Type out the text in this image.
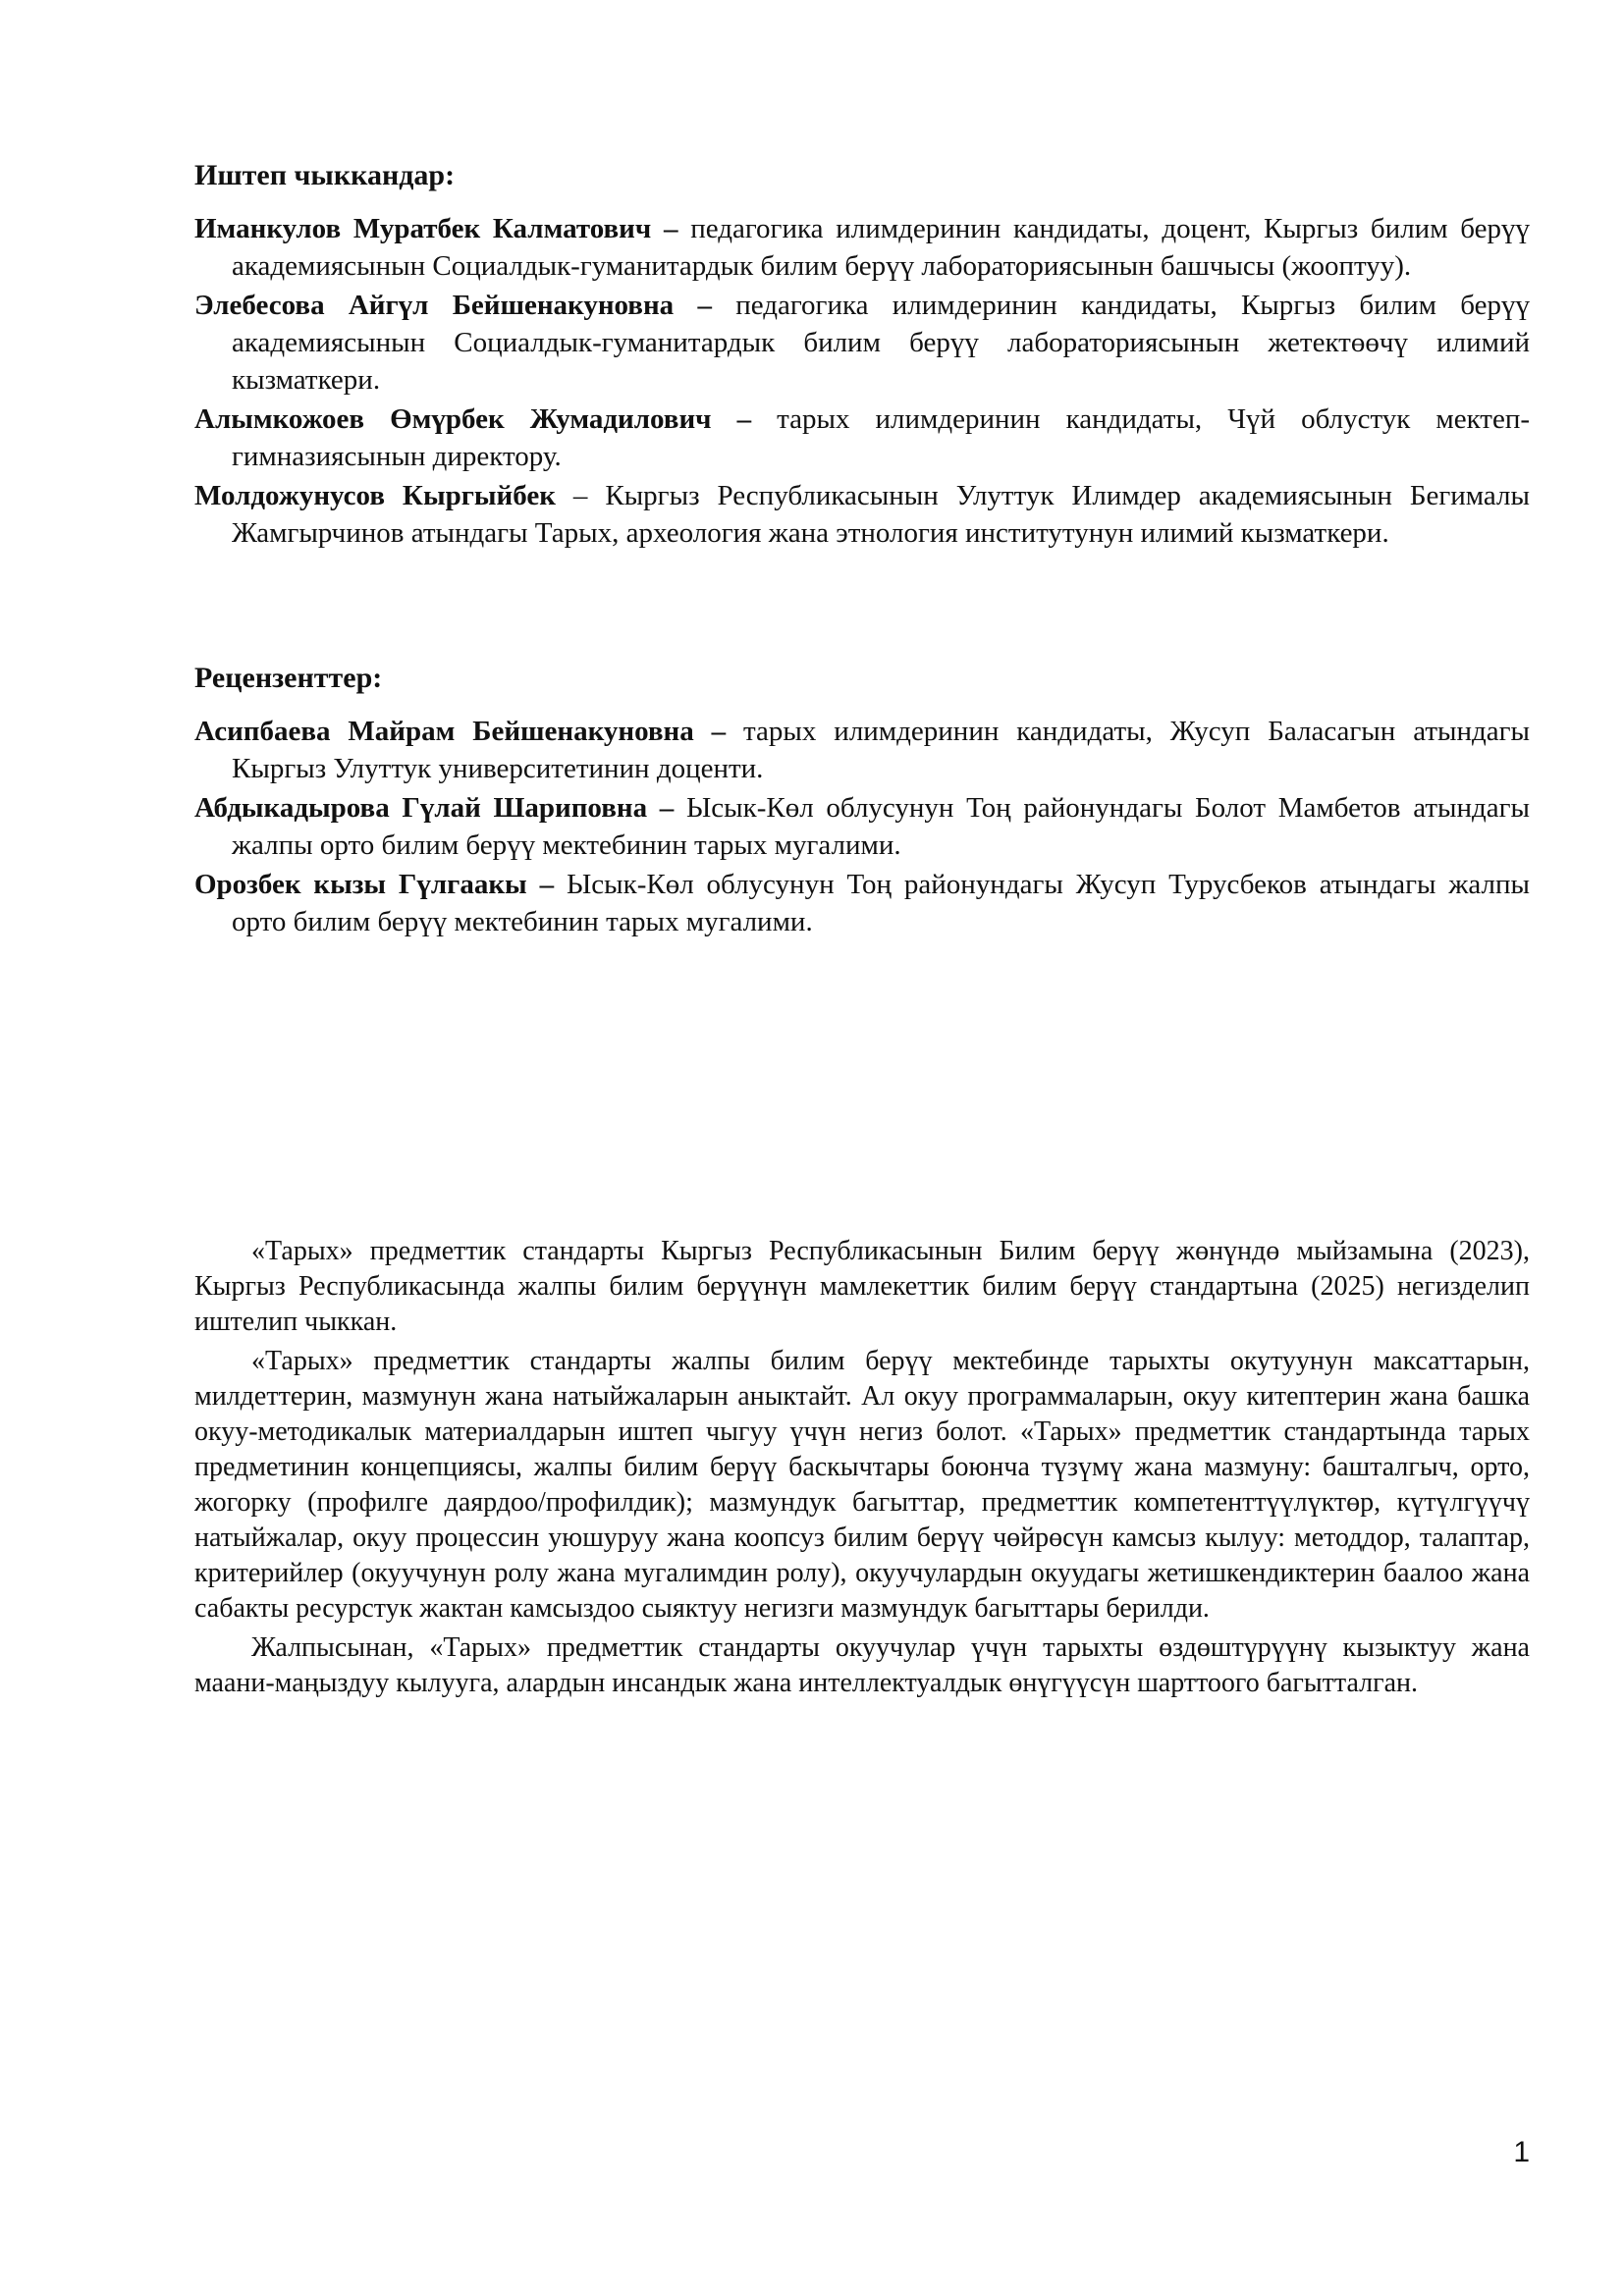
Иштеп чыккандар:
Иманкулов Муратбек Калматович – педагогика илимдеринин кандидаты, доцент, Кыргыз билим берүү академиясынын Социалдык-гуманитардык билим берүү лабораториясынын башчысы (жооптуу).
Элебесова Айгүл Бейшенакуновна – педагогика илимдеринин кандидаты, Кыргыз билим берүү академиясынын Социалдык-гуманитардык билим берүү лабораториясынын жетектөөчү илимий кызматкери.
Алымкожоев Өмүрбек Жумадилович – тарых илимдеринин кандидаты, Чүй облустук мектеп-гимназиясынын директору.
Молдожунусов Кыргыйбек – Кыргыз Республикасынын Улуттук Илимдер академиясынын Бегималы Жамгырчинов атындагы Тарых, археология жана этнология институтунун илимий кызматкери.
Рецензенттер:
Асипбаева Майрам Бейшенакуновна – тарых илимдеринин кандидаты, Жусуп Баласагын атындагы Кыргыз Улуттук университетинин доценти.
Абдыкадырова Гүлай Шариповна – Ысык-Көл облусунун Тоң районундагы Болот Мамбетов атындагы жалпы орто билим берүү мектебинин тарых мугалими.
Орозбек кызы Гүлгаакы – Ысык-Көл облусунун Тоң районундагы Жусуп Турусбеков атындагы жалпы орто билим берүү мектебинин тарых мугалими.

«Тарых» предметтик стандарты Кыргыз Республикасынын Билим берүү жөнүндө мыйзамына (2023), Кыргыз Республикасында жалпы билим берүүнүн мамлекеттик билим берүү стандартына (2025) негизделип иштелип чыккан.

«Тарых» предметтик стандарты жалпы билим берүү мектебинде тарыхты окутуунун максаттарын, милдеттерин, мазмунун жана натыйжаларын аныктайт. Ал окуу программаларын, окуу китептерин жана башка окуу-методикалык материалдарын иштеп чыгуу үчүн негиз болот. «Тарых» предметтик стандартында тарых предметинин концепциясы, жалпы билим берүү баскычтары боюнча түзүмү жана мазмуну: башталгыч, орто, жогорку (профилге даярдоо/профилдик); мазмундук багыттар, предметтик компетенттүүлүктөр, күтүлгүүчү натыйжалар, окуу процессин уюшуруу жана коопсуз билим берүү чөйрөсүн камсыз кылуу: методдор, талаптар, критерийлер (окуучунун ролу жана мугалимдин ролу), окуучулардын окуудагы жетишкендиктерин баалоо жана сабакты ресурстук жактан камсыздоо сыяктуу негизги мазмундук багыттары берилди.

Жалпысынан, «Тарых» предметтик стандарты окуучулар үчүн тарыхты өздөштүрүүнү кызыктуу жана маани-маңыздуу кылууга, алардын инсандык жана интеллектуалдык өнүгүүсүн шарттоого багытталган.

1
